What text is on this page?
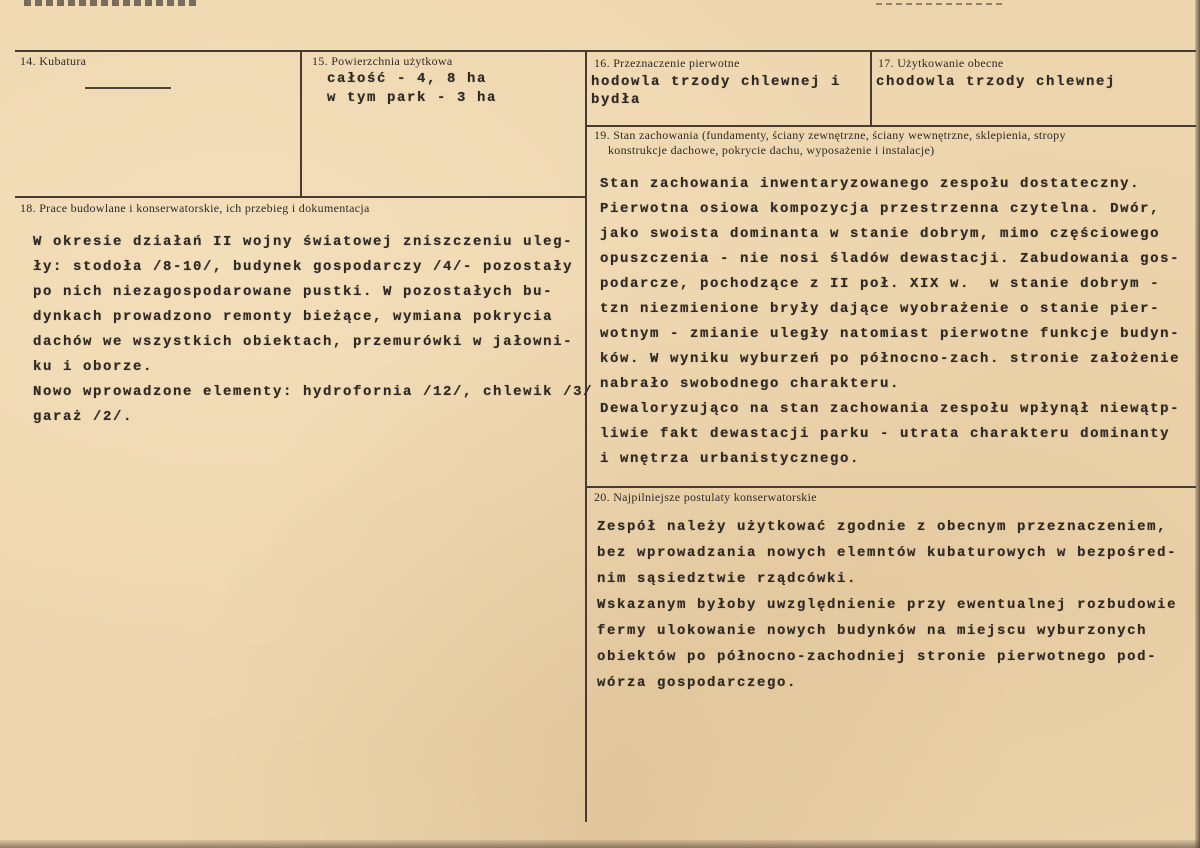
14. Kubatura	15. Powierzchnia użytkowa
całość - 4, 8 ha
w tym park - 3 ha
16. Przeznaczenie pierwotne
hodowla trzody chlewnej i
bydła
17. Użytkowanie obecne
chodowla trzody chlewnej
18. Prace budowlane i konserwatorskie, ich przebieg i dokumentacja
W okresie działań II wojny światowej zniszczeniu uleg-
ły: stodoła /8-10/, budynek gospodarczy /4/- pozostały
po nich niezagospodarowane pustki. W pozostałych bu-
dynkach prowadzono remonty bieżące, wymiana pokrycia
dachów we wszystkich obiektach, przemurówki w jałowni-
ku i oborze.
Nowo wprowadzone elementy: hydrofornia /12/, chlewik /3/
garaż /2/.
19. Stan zachowania (fundamenty, ściany zewnętrzne, ściany wewnętrzne, sklepienia, stropy
konstrukcje dachowe, pokrycie dachu, wyposażenie i instalacje)
Stan zachowania inwentaryzowanego zespołu dostateczny.
Pierwotna osiowa kompozycja przestrzenna czytelna. Dwór,
jako swoista dominanta w stanie dobrym, mimo częściowego
opuszczenia - nie nosi śladów dewastacji. Zabudowania gos-
podarcze, pochodzące z II poł. XIX w.  w stanie dobrym -
tzn niezmienione bryły dające wyobrażenie o stanie pier-
wotnym - zmianie uległy natomiast pierwotne funkcje budyn-
ków. W wyniku wyburzeń po północno-zach. stronie założenie
nabrało swobodnego charakteru.
Dewaloryzująco na stan zachowania zespołu wpłynął niewątp-
liwie fakt dewastacji parku - utrata charakteru dominanty
i wnętrza urbanistycznego.
20. Najpilniejsze postulaty konserwatorskie
Zespół należy użytkować zgodnie z obecnym przeznaczeniem,
bez wprowadzania nowych elemntów kubaturowych w bezpośred-
nim sąsiedztwie rządcówki.
Wskazanym byłoby uwzględnienie przy ewentualnej rozbudowie
fermy ulokowanie nowych budynków na miejscu wyburzonych
obiektów po północno-zachodniej stronie pierwotnego pod-
wórza gospodarczego.
